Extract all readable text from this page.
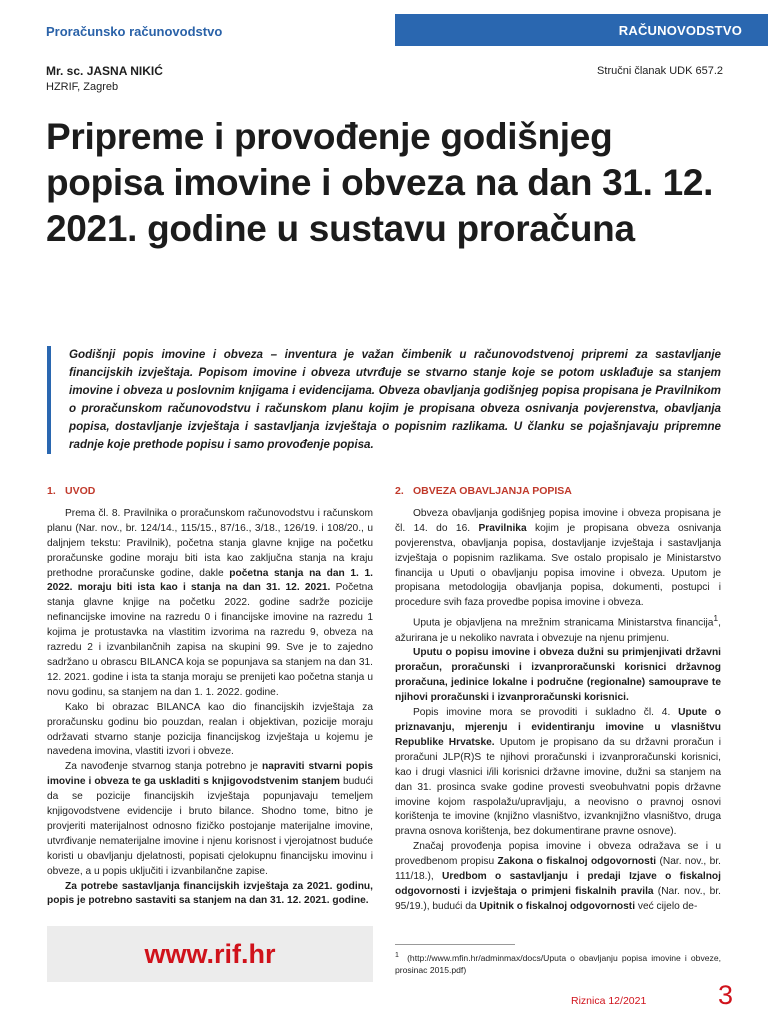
Proračunsko računovodstvo	RAČUNOVODSTVO
Mr. sc. JASNA NIKIĆ
HZRIF, Zagreb
Stručni članak UDK 657.2
Pripreme i provođenje godišnjeg popisa imovine i obveza na dan 31. 12. 2021. godine u sustavu proračuna

Godišnji popis imovine i obveza – inventura je važan čimbenik u računovodstvenoj pripremi za sastavljanje financijskih izvještaja. Popisom imovine i obveza utvrđuje se stvarno stanje koje se potom usklađuje sa stanjem imovine i obveza u poslovnim knjigama i evidencijama. Obveza obavljanja godišnjeg popisa propisana je Pravilnikom o proračunskom računovodstvu i računskom planu kojim je propisana obveza osnivanja povjerenstva, obavljanja popisa, dostavljanje izvještaja i sastavljanja izvještaja o popisnim razlikama. U članku se pojašnjavaju pripremne radnje koje prethode popisu i samo provođenje popisa.

1. UVOD

Prema čl. 8. Pravilnika o proračunskom računovodstvu i računskom planu (Nar. nov., br. 124/14., 115/15., 87/16., 3/18., 126/19. i 108/20., u daljnjem tekstu: Pravilnik), početna stanja glavne knjige na početku proračunske godine moraju biti ista kao zaključna stanja na kraju prethodne proračunske godine, dakle početna stanja na dan 1. 1. 2022. moraju biti ista kao i stanja na dan 31. 12. 2021. Početna stanja glavne knjige na početku 2022. godine sadrže pozicije nefinancijske imovine na razredu 0 i financijske imovine na razredu 1 kojima je protustavka na vlastitim izvorima na razredu 9, obveza na razredu 2 i izvanbilančnih zapisa na skupini 99. Sve je to zajedno sadržano u obrascu BILANCA koja se popunjava sa stanjem na dan 31. 12. 2021. godine i ista ta stanja moraju se prenijeti kao početna stanja u novu godinu, sa stanjem na dan 1. 1. 2022. godine.

Kako bi obrazac BILANCA kao dio financijskih izvještaja za proračunsku godinu bio pouzdan, realan i objektivan, pozicije moraju održavati stvarno stanje pozicija financijskog izvještaja u kojemu je navedena imovina, vlastiti izvori i obveze.

Za navođenje stvarnog stanja potrebno je napraviti stvarni popis imovine i obveza te ga uskladiti s knjigovodstvenim stanjem budući da se pozicije financijskih izvještaja popunjavaju temeljem knjigovodstvene evidencije i bruto bilance. Shodno tome, bitno je provjeriti materijalnost odnosno fizičko postojanje materijalne imovine, utvrđivanje nematerijalne imovine i njenu korisnost i vjerojatnost buduće koristi u obavljanju djelatnosti, popisati cjelokupnu financijsku imovinu i obveze, a u popis uključiti i izvanbilančne zapise.

Za potrebe sastavljanja financijskih izvještaja za 2021. godinu, popis je potrebno sastaviti sa stanjem na dan 31. 12. 2021. godine.

2. OBVEZA OBAVLJANJA POPISA

Obveza obavljanja godišnjeg popisa imovine i obveza propisana je čl. 14. do 16. Pravilnika kojim je propisana obveza osnivanja povjerenstva, obavljanja popisa, dostavljanje izvještaja i sastavljanja izvještaja o popisnim razlikama. Sve ostalo propisalo je Ministarstvo financija u Uputi o obavljanju popisa imovine i obveza. Uputom je propisana metodologija obavljanja popisa, dokumenti, postupci i procedure svih faza provedbe popisa imovine i obveza.

Uputa je objavljena na mrežnim stranicama Ministarstva financija$^1$, ažurirana je u nekoliko navrata i obvezuje na njenu primjenu.

Uputu o popisu imovine i obveza dužni su primjenjivati državni proračun, proračunski i izvanproračunski korisnici državnog proračuna, jedinice lokalne i područne (regionalne) samouprave te njihovi proračunski i izvanproračunski korisnici.

Popis imovine mora se provoditi i sukladno čl. 4. Upute o priznavanju, mjerenju i evidentiranju imovine u vlasništvu Republike Hrvatske. Uputom je propisano da su državni proračun i proračuni JLP(R)S te njihovi proračunski i izvanproračunski korisnici, kao i drugi vlasnici i/ili korisnici državne imovine, dužni sa stanjem na dan 31. prosinca svake godine provesti sveobuhvatni popis državne imovine kojom raspolažu/upravljaju, a neovisno o pravnoj osnovi korištenja te imovine (knjižno vlasništvo, izvanknjižno vlasništvo, druga pravna osnova korištenja, bez dokumentirane pravne osnove).

Značaj provođenja popisa imovine i obveza odražava se i u provedbenom propisu Zakona o fiskalnoj odgovornosti (Nar. nov., br. 111/18.), Uredbom o sastavljanju i predaji Izjave o fiskalnoj odgovornosti i izvještaja o primjeni fiskalnih pravila (Nar. nov., br. 95/19.), budući da Upitnik o fiskalnoj odgovornosti već cijelo de-

www.rif.hr	$^1$ (http://www.mfin.hr/adminmax/docs/Uputa o obavljanju popisa imovine i obveze, prosinac 2015.pdf)

Riznica 12/2021	3
